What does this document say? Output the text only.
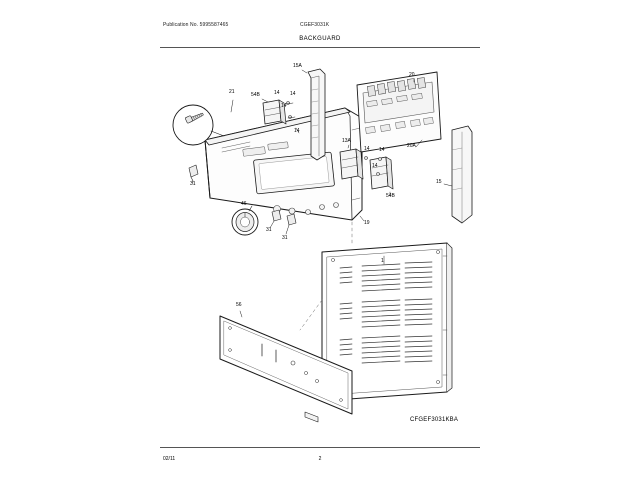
Publication No. 5995587465	CGEF3031K
BACKGUARD
02/11	2
CFGEF3031KBA
15A
20
21	54B	14 14
14
14
20A
13A
14 14
14
15
54B
31
46
31
31
19
1
56
